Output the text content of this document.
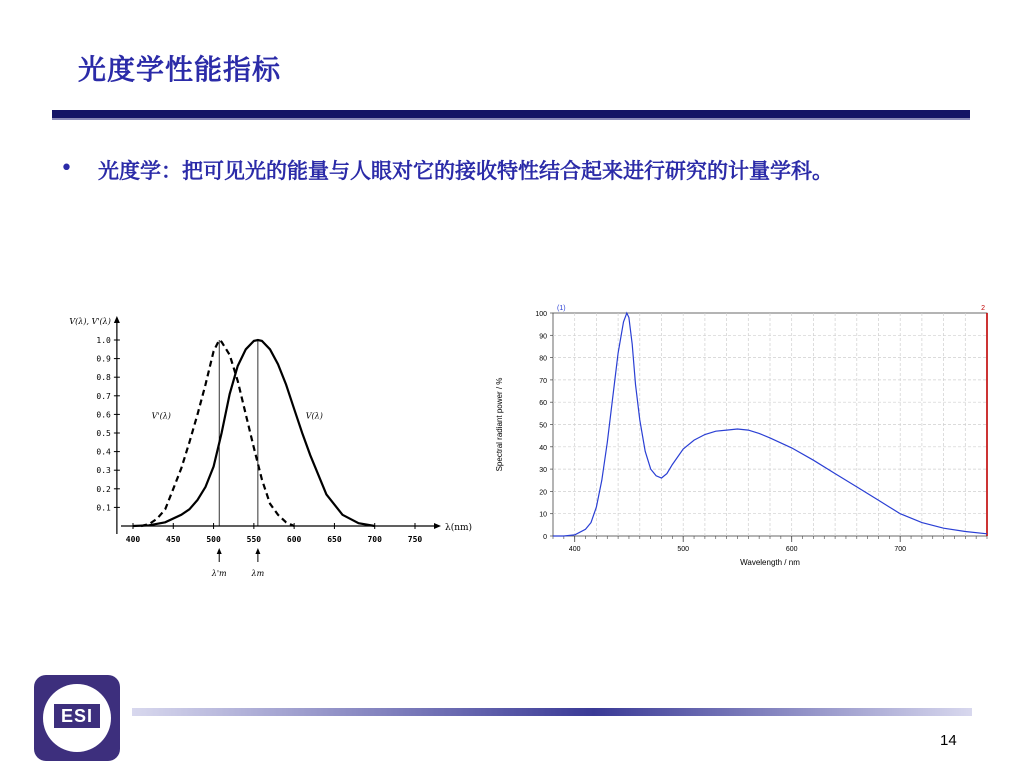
光度学性能指标
•	光度学：把可见光的能量与人眼对它的接收特性结合起来进行研究的计量学科。
V(λ), V'(λ)
λ(nm)
0.1
0.2
0.3
0.4
0.5
0.6
0.7
0.8
0.9
1.0
400	450	500	550	600	650	700	750
λ'm	λm
V'(λ)	V(λ)
0
10
20
30
40
50
60
70
80
90
100
400	500	600	700
Wavelength / nm
Spectral radiant power / %
(1)	2
ESI
14
